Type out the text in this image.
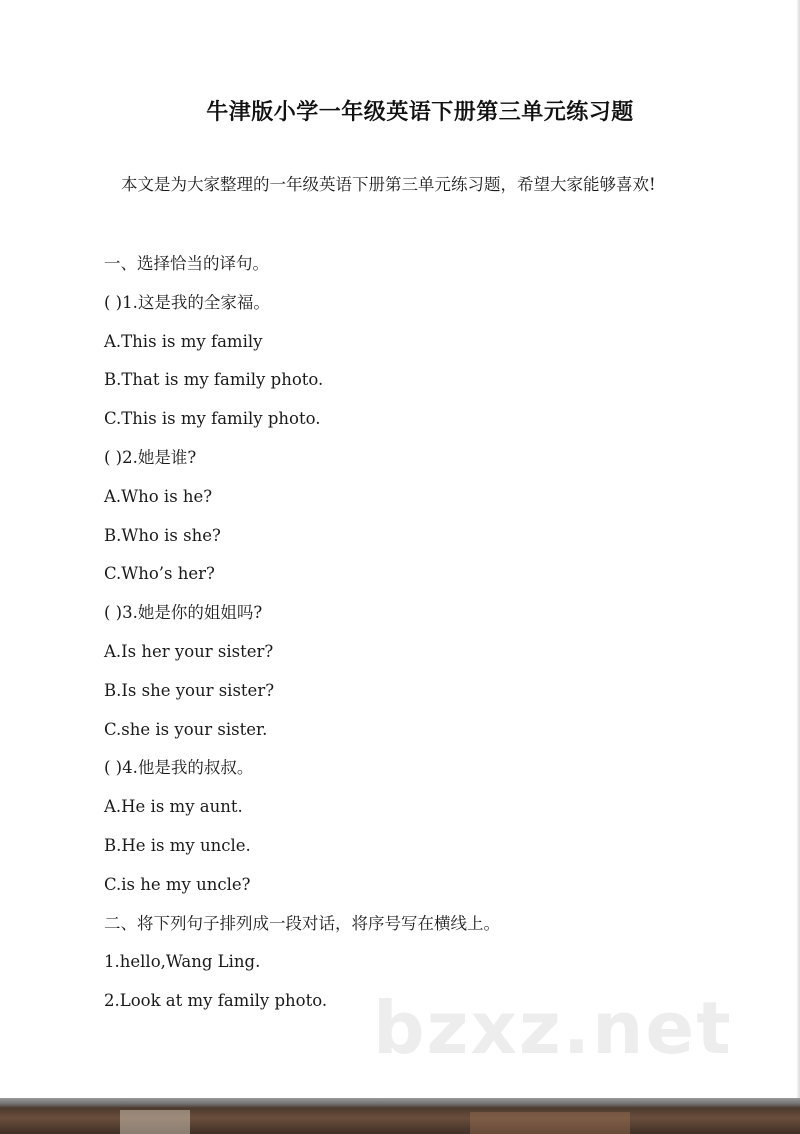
牛津版小学一年级英语下册第三单元练习题
本文是为大家整理的一年级英语下册第三单元练习题，希望大家能够喜欢!
一、选择恰当的译句。
( )1.这是我的全家福。
A.This is my family
B.That is my family photo.
C.This is my family photo.
( )2.她是谁?
A.Who is he?
B.Who is she?
C.Who’s her?
( )3.她是你的姐姐吗?
A.Is her your sister?
B.Is she your sister?
C.she is your sister.
( )4.他是我的叔叔。
A.He is my aunt.
B.He is my uncle.
C.is he my uncle?
二、将下列句子排列成一段对话，将序号写在横线上。
1.hello,Wang Ling.
2.Look at my family photo. bzxz.net
